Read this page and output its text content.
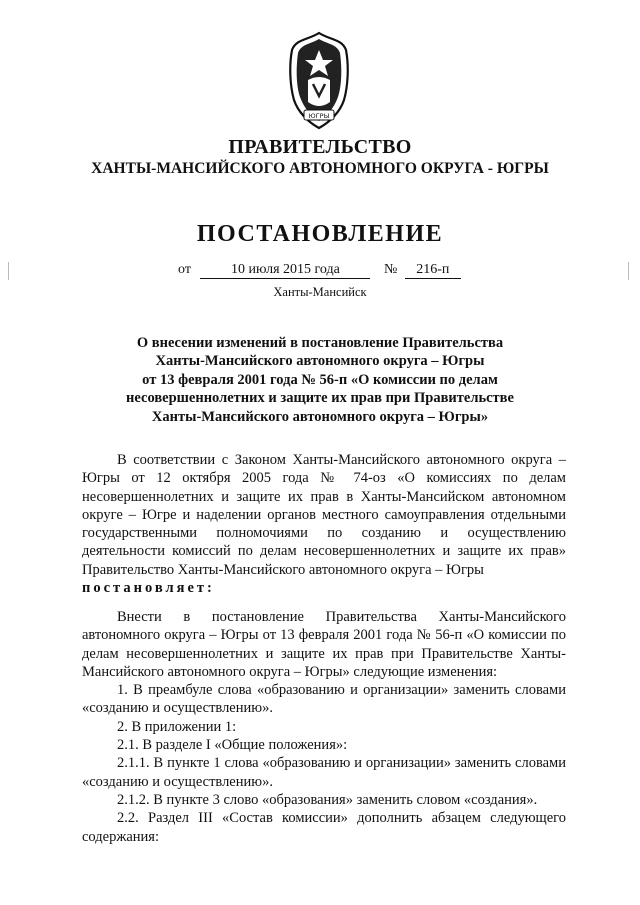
ЮГРЫ
ПРАВИТЕЛЬСТВО
ХАНТЫ-МАНСИЙСКОГО АВТОНОМНОГО ОКРУГА - ЮГРЫ
ПОСТАНОВЛЕНИЕ
от	10 июля 2015 года	№ 216-п
Ханты-Мансийск
О внесении изменений в постановление Правительства
Ханты-Мансийского автономного округа – Югры
от 13 февраля 2001 года № 56-п «О комиссии по делам
несовершеннолетних и защите их прав при Правительстве
Ханты-Мансийского автономного округа – Югры»
В соответствии с Законом Ханты-Мансийского автономного округа – Югры от 12 октября 2005 года № 74-оз «О комиссиях по делам несовершеннолетних и защите их прав в Ханты-Мансийском автономном округе – Югре и наделении органов местного самоуправления отдельными государственными полномочиями по созданию и осуществлению деятельности комиссий по делам несовершеннолетних и защите их прав» Правительство Ханты-Мансийского автономного округа – Югры
постановляет:
Внести в постановление Правительства Ханты-Мансийского автономного округа – Югры от 13 февраля 2001 года № 56-п «О комиссии по делам несовершеннолетних и защите их прав при Правительстве Ханты-Мансийского автономного округа – Югры» следующие изменения:
1. В преамбуле слова «образованию и организации» заменить словами «созданию и осуществлению».
2. В приложении 1:
2.1. В разделе I «Общие положения»:
2.1.1. В пункте 1 слова «образованию и организации» заменить словами «созданию и осуществлению».
2.1.2. В пункте 3 слово «образования» заменить словом «создания».
2.2. Раздел III «Состав комиссии» дополнить абзацем следующего содержания:
